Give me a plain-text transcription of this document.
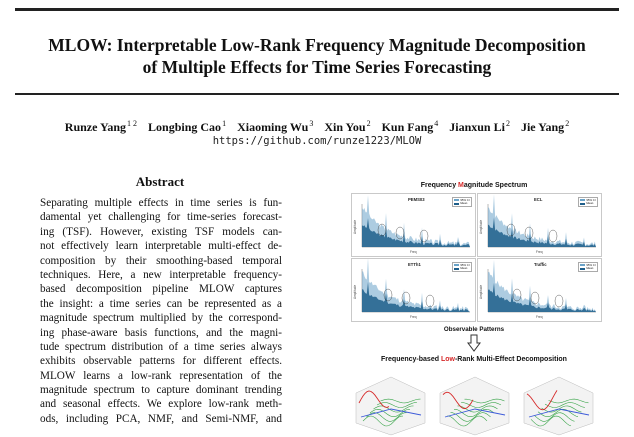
MLOW: Interpretable Low-Rank Frequency Magnitude Decomposition
of Multiple Effects for Time Series Forecasting
Runze Yang$^{1 2}$ Longbing Cao$^1$ Xiaoming Wu$^3$ Xin You$^2$ Kun Fang$^4$ Jianxun Li$^2$ Jie Yang$^2$
https://github.com/runze1223/MLOW
Abstract
Separating multiple effects in time series is fun-
damental yet challenging for time-series forecast-
ing (TSF). However, existing TSF models can-
not effectively learn interpretable multi-effect de-
composition by their smoothing-based temporal
techniques. Here, a new interpretable frequency-
based decomposition pipeline MLOW captures
the insight: a time series can be represented as a
magnitude spectrum multiplied by the correspond-
ing phase-aware basis functions, and the magni-
tude spectrum distribution of a time series always
exhibits observable patterns for different effects.
MLOW learns a low-rank representation of the
magnitude spectrum to capture dominant trending
and seasonal effects. We explore low-rank meth-
ods, including PCA, NMF, and Semi-NMF, and
Frequency Magnitude Spectrum
PEMS03	95% CI
Mean
Freq
Amplitude
ECL	95% CI
Mean
Freq
Amplitude
ETTh1	95% CI
Mean
Freq
Amplitude
Traffic	95% CI
Mean
Freq
Amplitude
Observable Patterns
Frequency-based Low-Rank Multi-Effect Decomposition
